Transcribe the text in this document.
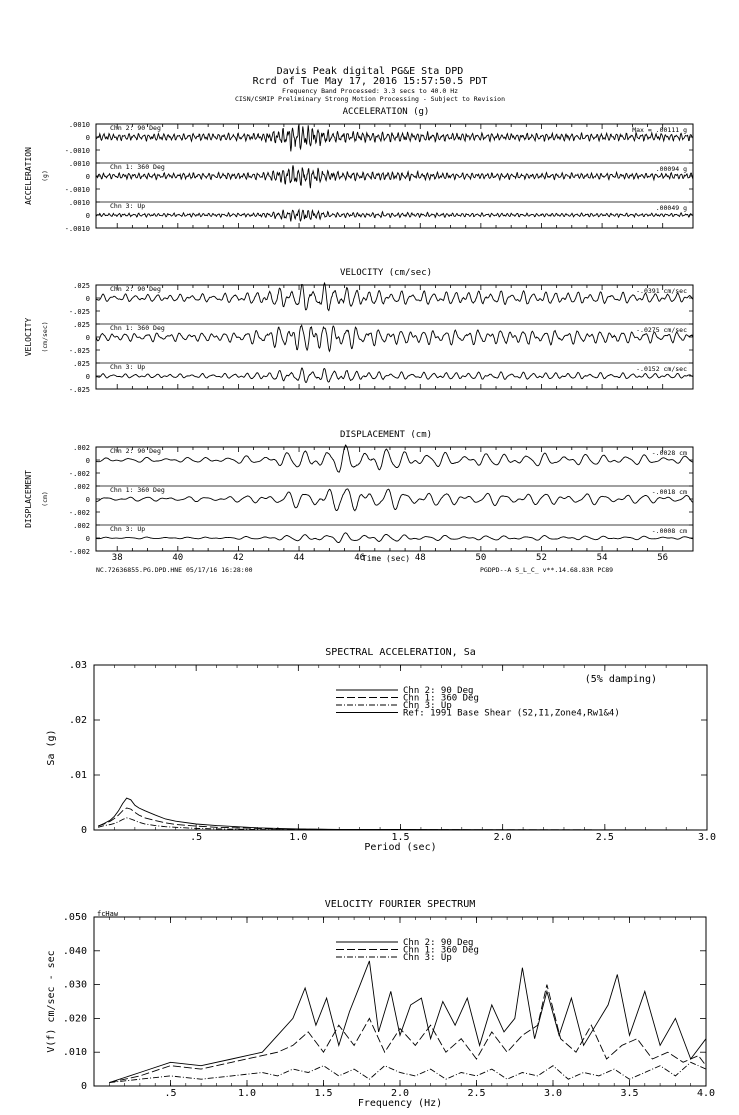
Davis Peak digital PG&E Sta DPD
Rcrd of Tue May 17, 2016 15:57:50.5 PDT
Frequency Band Processed: 3.3 secs to 40.0 Hz
CISN/CSMIP Preliminary Strong Motion Processing - Subject to Revision
ACCELERATION (g)
ACCELERATION (g)
.0010
0
-.0010
Chn 2: 90 Deg	Max = .00111 g
.0010
0
-.0010
Chn 1: 360 Deg	.00094 g
.0010
0
-.0010
Chn 3: Up	.00049 g
VELOCITY (cm/sec)
VELOCITY (cm/sec)
.025
0
-.025
Chn 2: 90 Deg	-.0391 cm/sec
.025
0
-.025
Chn 1: 360 Deg	-.0275 cm/sec
.025
0
-.025
Chn 3: Up	-.0152 cm/sec
DISPLACEMENT (cm)
DISPLACEMENT (cm)
.002
0
-.002
Chn 2: 90 Deg	-.0028 cm
.002
0
-.002
Chn 1: 360 Deg	-.0018 cm
.002
0
-.002
Chn 3: Up	-.0008 cm
38	40	42	44	46	48	50	52	54	56
Time (sec)
NC.72636855.PG.DPD.HNE 05/17/16 16:28:00	PGDPD--A S_L_C_ v**.14.68.83R PC89
SPECTRAL ACCELERATION, Sa
.5	1.0	1.5	2.0	2.5	3.0
.03
.02
.01
0
Period (sec)
Sa (g)
(5% damping)
Chn 2: 90 Deg
Chn 1: 360 Deg
Chn 3: Up
Ref: 1991 Base Shear (S2,I1,Zone4,Rw1&4)
VELOCITY FOURIER SPECTRUM
.5	1.0	1.5	2.0	2.5	3.0	3.5	4.0
.050
.040
.030
.020
.010
0
Frequency (Hz)
V(f) cm/sec - sec
fcHaw
Chn 2: 90 Deg
Chn 1: 360 Deg
Chn 3: Up
